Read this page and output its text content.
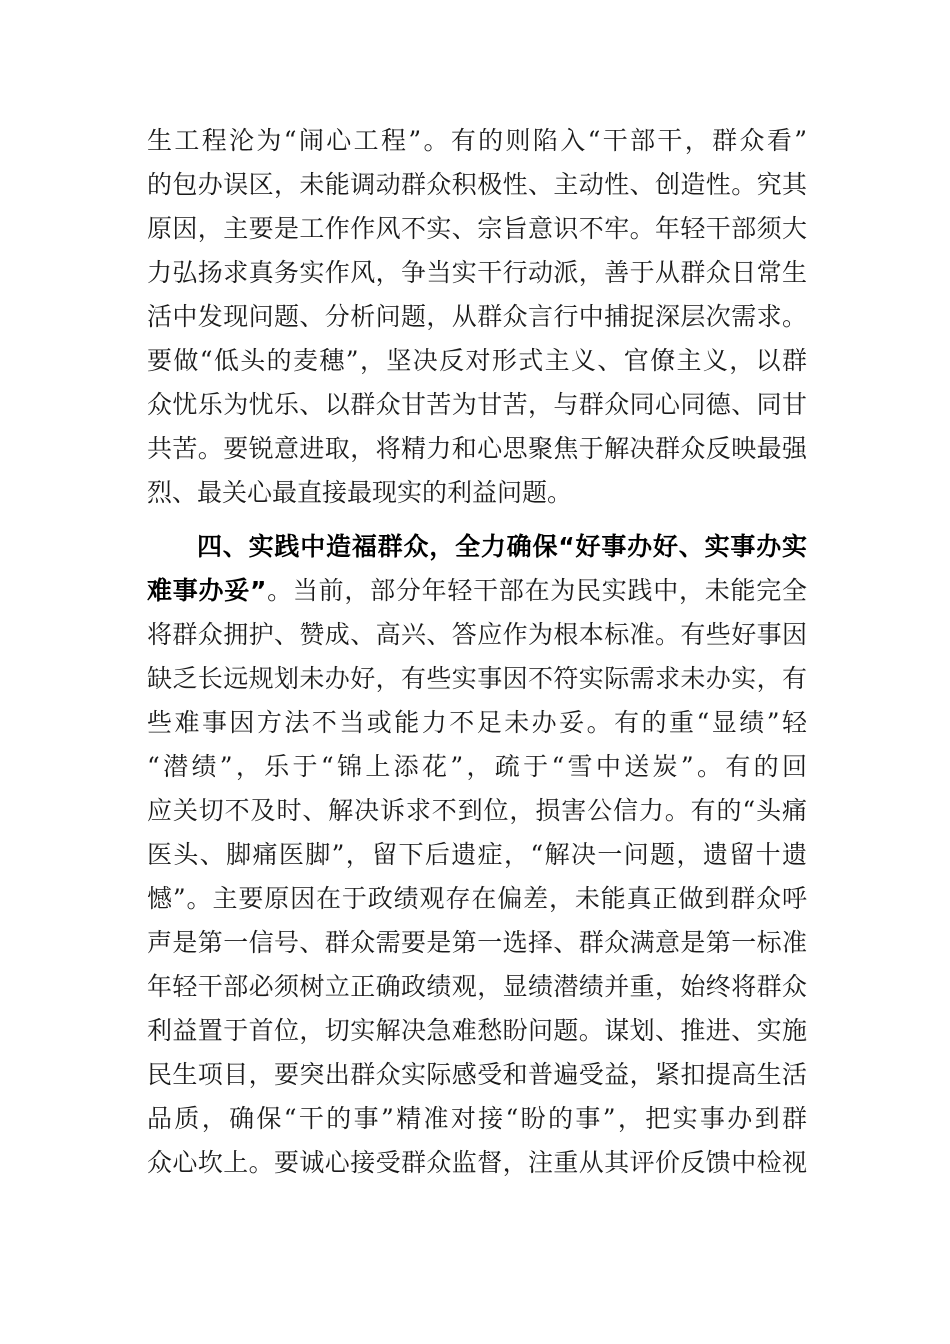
生工程沦为“闹心工程”。有的则陷入“干部干，群众看”
的包办误区，未能调动群众积极性、主动性、创造性。究其
原因，主要是工作作风不实、宗旨意识不牢。年轻干部须大
力弘扬求真务实作风，争当实干行动派，善于从群众日常生
活中发现问题、分析问题，从群众言行中捕捉深层次需求。
要做“低头的麦穗”，坚决反对形式主义、官僚主义，以群
众忧乐为忧乐、以群众甘苦为甘苦，与群众同心同德、同甘
共苦。要锐意进取，将精力和心思聚焦于解决群众反映最强
烈、最关心最直接最现实的利益问题。
四、实践中造福群众，全力确保“好事办好、实事办实
难事办妥”。当前，部分年轻干部在为民实践中，未能完全
将群众拥护、赞成、高兴、答应作为根本标准。有些好事因
缺乏长远规划未办好，有些实事因不符实际需求未办实，有
些难事因方法不当或能力不足未办妥。有的重“显绩”轻
“潜绩”，乐于“锦上添花”，疏于“雪中送炭”。有的回
应关切不及时、解决诉求不到位，损害公信力。有的“头痛
医头、脚痛医脚”，留下后遗症，“解决一问题，遗留十遗
憾”。主要原因在于政绩观存在偏差，未能真正做到群众呼
声是第一信号、群众需要是第一选择、群众满意是第一标准
年轻干部必须树立正确政绩观，显绩潜绩并重，始终将群众
利益置于首位，切实解决急难愁盼问题。谋划、推进、实施
民生项目，要突出群众实际感受和普遍受益，紧扣提高生活
品质，确保“干的事”精准对接“盼的事”，把实事办到群
众心坎上。要诚心接受群众监督，注重从其评价反馈中检视
